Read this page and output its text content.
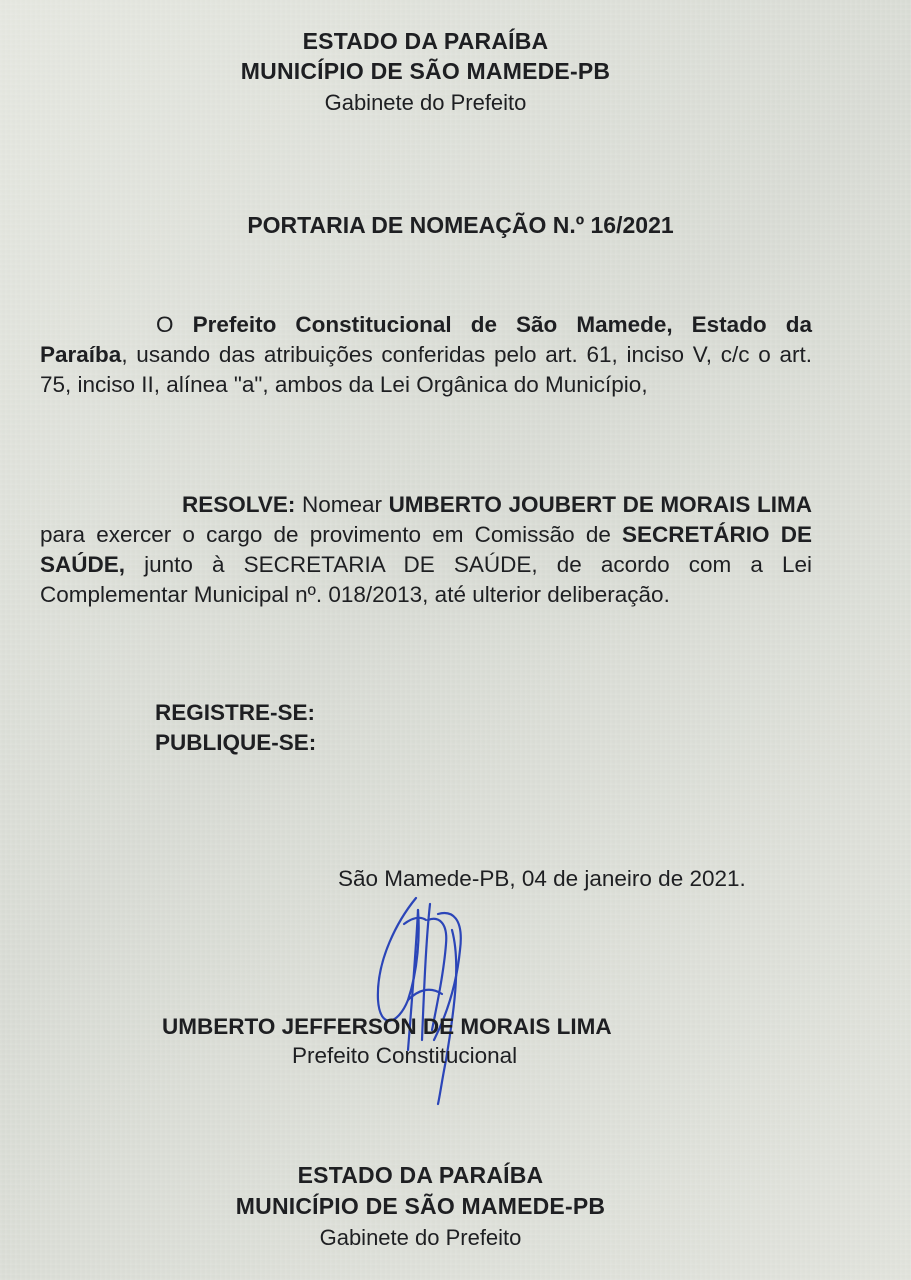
ESTADO DA PARAÍBA
MUNICÍPIO DE SÃO MAMEDE-PB
Gabinete do Prefeito
PORTARIA DE NOMEAÇÃO N.º 16/2021
O Prefeito Constitucional de São Mamede, Estado da Paraíba, usando das atribuições conferidas pelo art. 61, inciso V, c/c o art. 75, inciso II, alínea "a", ambos da Lei Orgânica do Município,
RESOLVE: Nomear UMBERTO JOUBERT DE MORAIS LIMA para exercer o cargo de provimento em Comissão de SECRETÁRIO DE SAÚDE, junto à SECRETARIA DE SAÚDE, de acordo com a Lei Complementar Municipal nº. 018/2013, até ulterior deliberação.
REGISTRE-SE:
PUBLIQUE-SE:
São Mamede-PB, 04 de janeiro de 2021.
UMBERTO JEFFERSON DE MORAIS LIMA
Prefeito Constitucional
ESTADO DA PARAÍBA
MUNICÍPIO DE SÃO MAMEDE-PB
Gabinete do Prefeito
